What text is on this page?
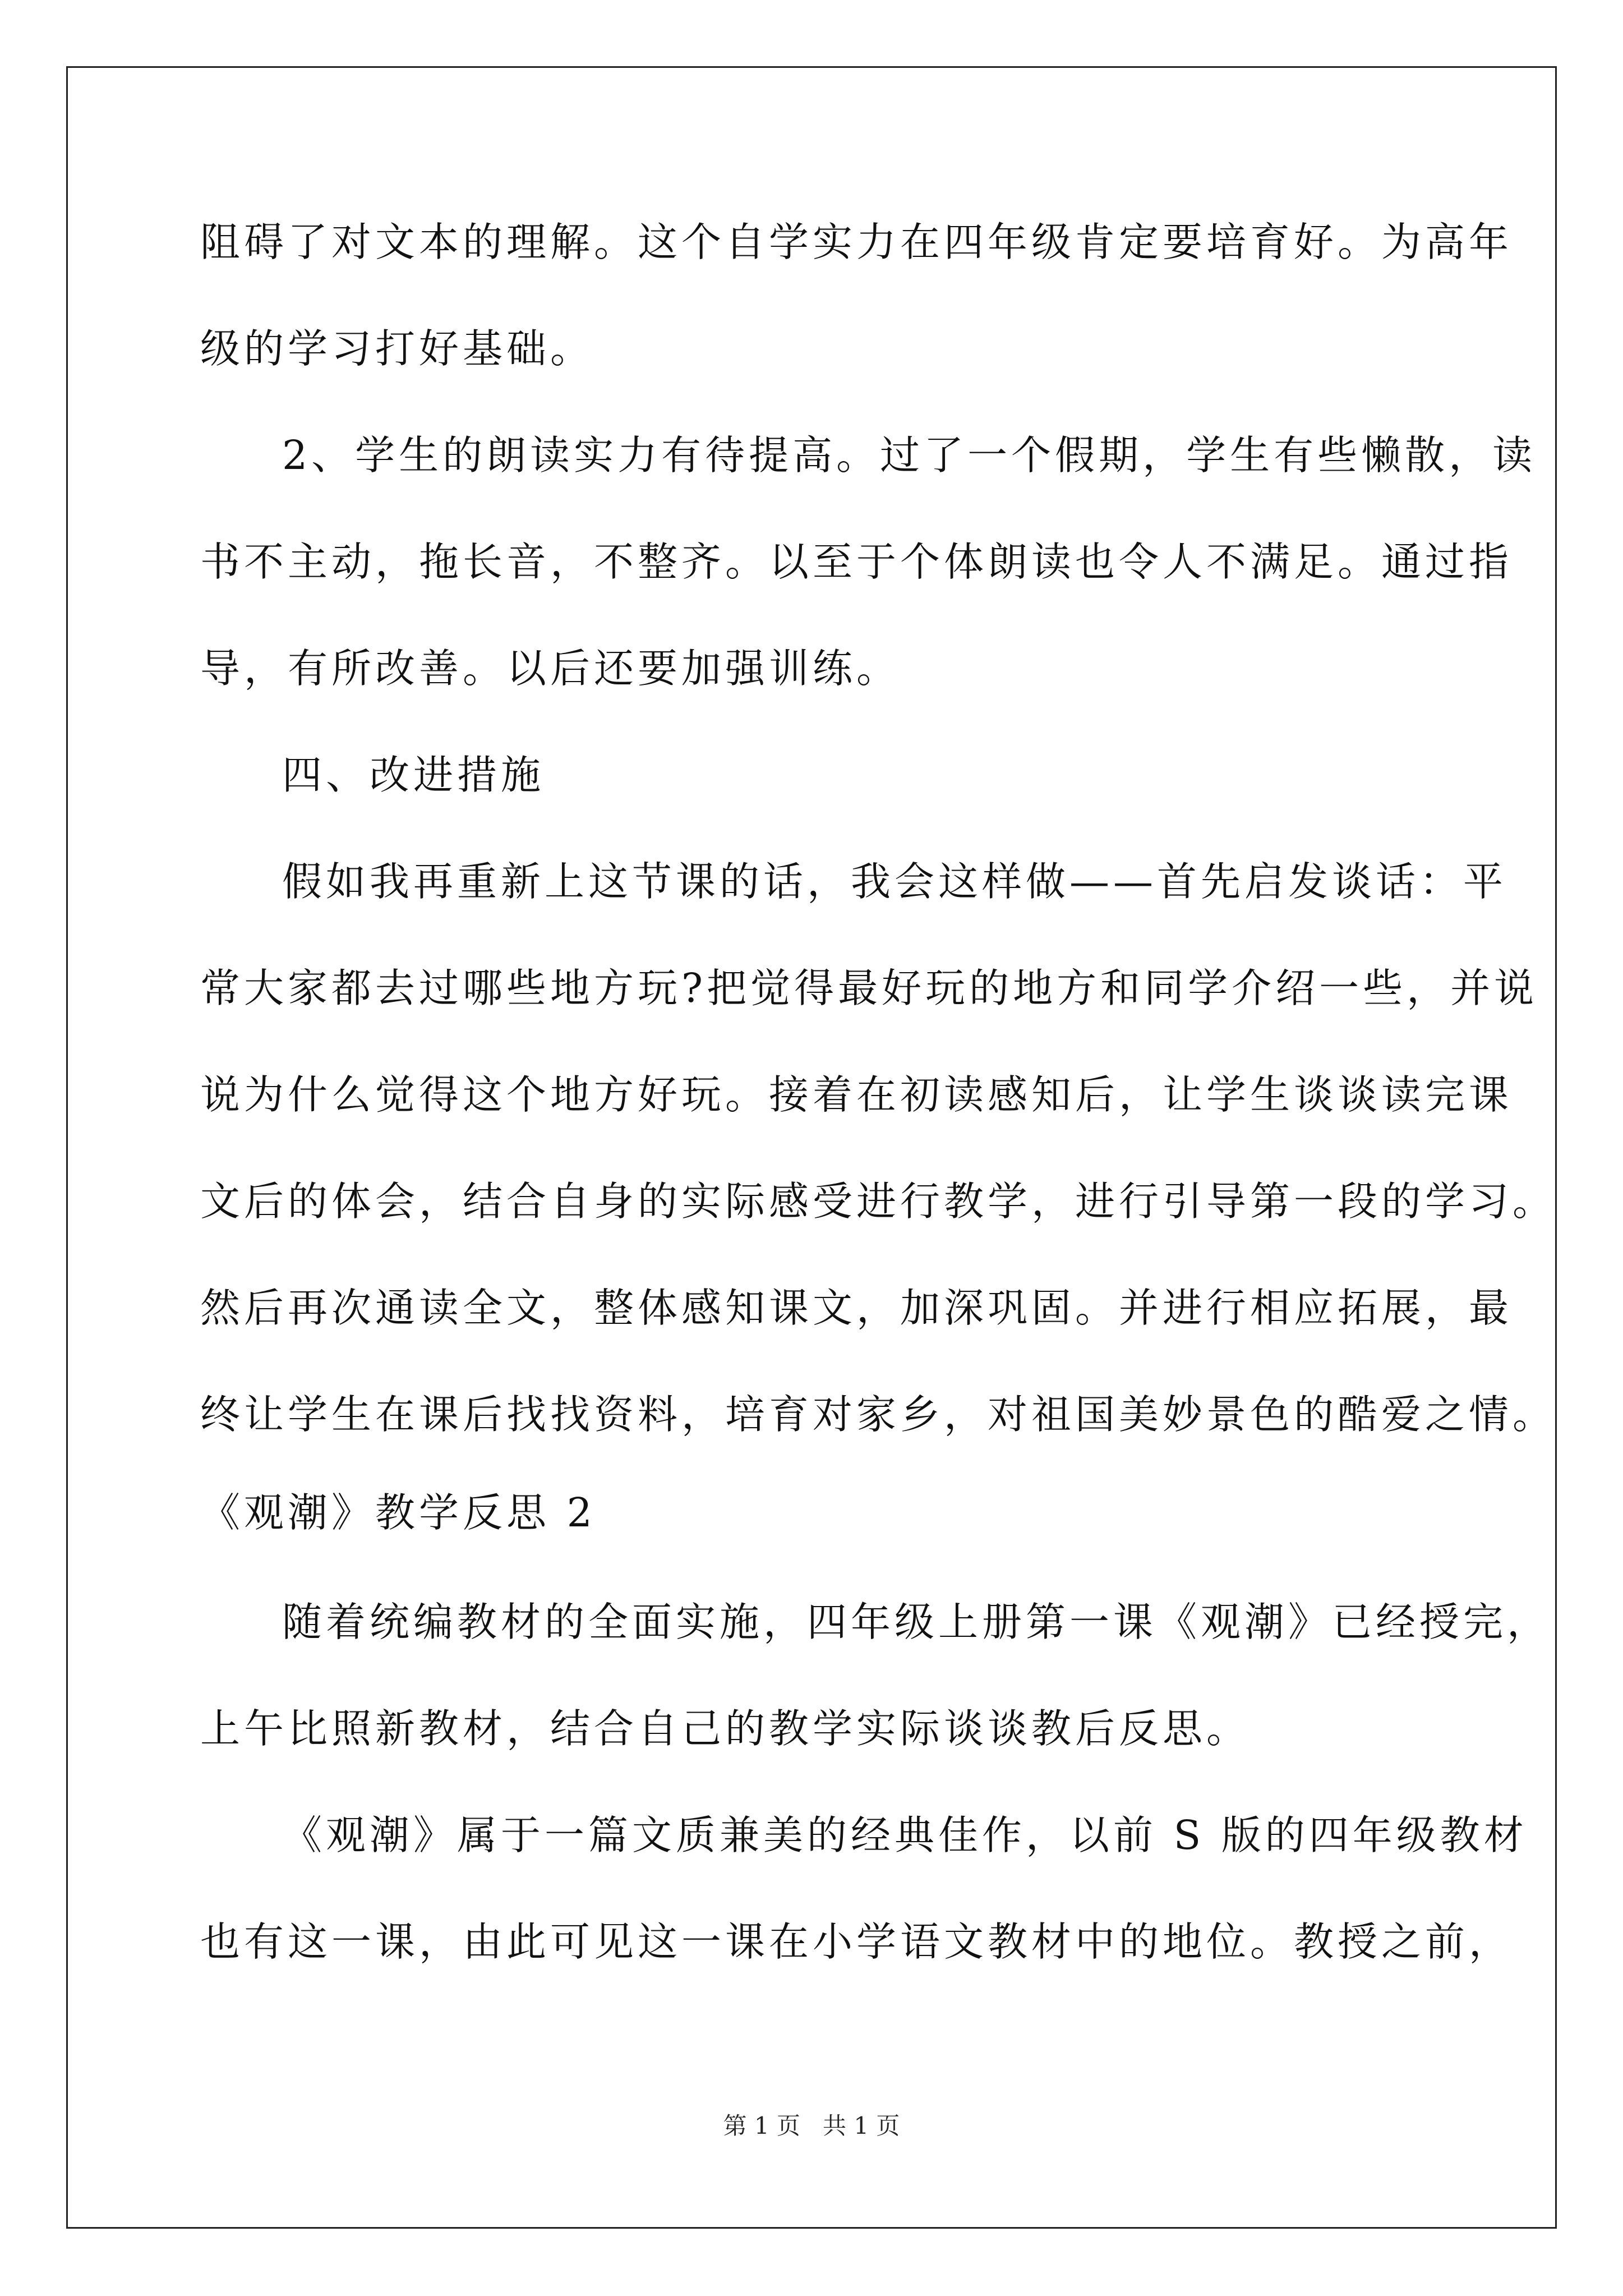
阻碍了对文本的理解。这个自学实力在四年级肯定要培育好。为高年
级的学习打好基础。
2、学生的朗读实力有待提高。过了一个假期，学生有些懒散，读
书不主动，拖长音，不整齐。以至于个体朗读也令人不满足。通过指
导，有所改善。以后还要加强训练。
四、改进措施
假如我再重新上这节课的话，我会这样做——首先启发谈话：平
常大家都去过哪些地方玩?把觉得最好玩的地方和同学介绍一些，并说
说为什么觉得这个地方好玩。接着在初读感知后，让学生谈谈读完课
文后的体会，结合自身的实际感受进行教学，进行引导第一段的学习。
然后再次通读全文，整体感知课文，加深巩固。并进行相应拓展，最
终让学生在课后找找资料，培育对家乡，对祖国美妙景色的酷爱之情。
《观潮》教学反思 2
随着统编教材的全面实施，四年级上册第一课《观潮》已经授完，
上午比照新教材，结合自己的教学实际谈谈教后反思。
《观潮》属于一篇文质兼美的经典佳作，以前 S 版的四年级教材
也有这一课，由此可见这一课在小学语文教材中的地位。教授之前，
第 1 页 共 1 页
